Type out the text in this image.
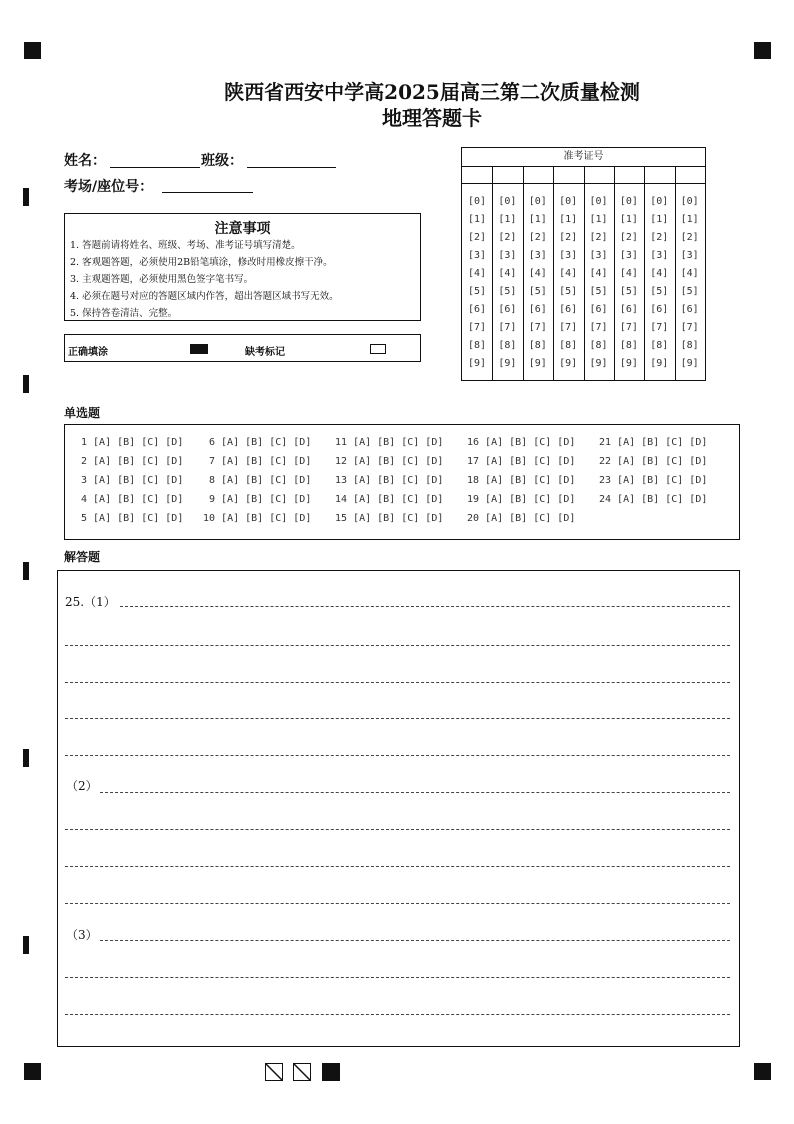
陕西省西安中学高2025届高三第二次质量检测
地理答题卡
姓名：	班级：
考场/座位号：
注意事项
1. 答题前请将姓名、班级、考场、准考证号填写清楚。
2. 客观题答题，必须使用2B铅笔填涂，修改时用橡皮擦干净。
3. 主观题答题，必须使用黑色签字笔书写。
4. 必须在题号对应的答题区域内作答，超出答题区域书写无效。
5. 保持答卷清洁、完整。
正确填涂	缺考标记
准考证号
[0]
[1]
[2]
[3]
[4]
[5]
[6]
[7]
[8]
[9]
[0]
[1]
[2]
[3]
[4]
[5]
[6]
[7]
[8]
[9]
[0]
[1]
[2]
[3]
[4]
[5]
[6]
[7]
[8]
[9]
[0]
[1]
[2]
[3]
[4]
[5]
[6]
[7]
[8]
[9]
[0]
[1]
[2]
[3]
[4]
[5]
[6]
[7]
[8]
[9]
[0]
[1]
[2]
[3]
[4]
[5]
[6]
[7]
[8]
[9]
[0]
[1]
[2]
[3]
[4]
[5]
[6]
[7]
[8]
[9]
[0]
[1]
[2]
[3]
[4]
[5]
[6]
[7]
[8]
[9]
单选题
1 [A] [B] [C] [D]
2 [A] [B] [C] [D]
3 [A] [B] [C] [D]
4 [A] [B] [C] [D]
5 [A] [B] [C] [D]
6 [A] [B] [C] [D]
7 [A] [B] [C] [D]
8 [A] [B] [C] [D]
9 [A] [B] [C] [D]
10 [A] [B] [C] [D]
11 [A] [B] [C] [D]
12 [A] [B] [C] [D]
13 [A] [B] [C] [D]
14 [A] [B] [C] [D]
15 [A] [B] [C] [D]
16 [A] [B] [C] [D]
17 [A] [B] [C] [D]
18 [A] [B] [C] [D]
19 [A] [B] [C] [D]
20 [A] [B] [C] [D]
21 [A] [B] [C] [D]
22 [A] [B] [C] [D]
23 [A] [B] [C] [D]
24 [A] [B] [C] [D]
解答题
25.（1）
（2）
（3）
